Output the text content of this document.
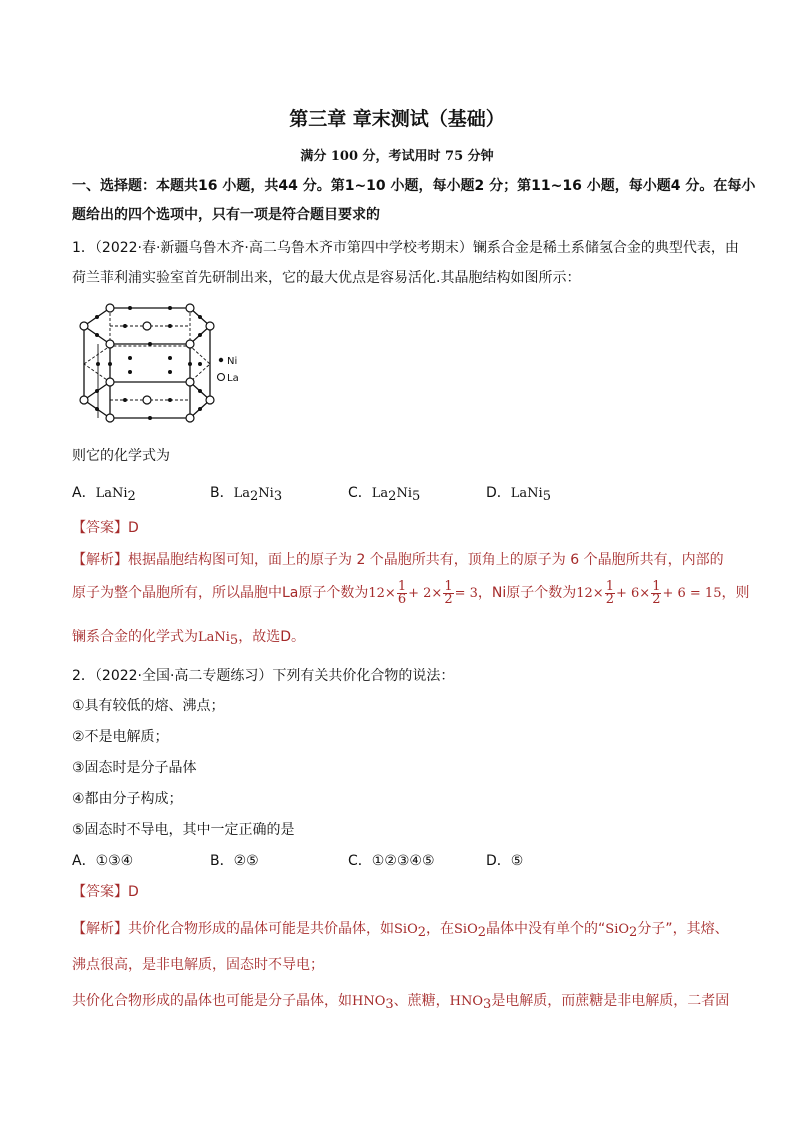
第三章 章末测试（基础）
满分 100 分，考试用时 75 分钟
一、选择题：本题共16 小题，共44 分。第1~10 小题，每小题2 分；第11~16 小题，每小题4 分。在每小
题给出的四个选项中，只有一项是符合题目要求的
1．（2022·春·新疆乌鲁木齐·高二乌鲁木齐市第四中学校考期末）镧系合金是稀土系储氢合金的典型代表，由
荷兰菲利浦实验室首先研制出来，它的最大优点是容易活化.其晶胞结构如图所示：
Ni
La
则它的化学式为
A．LaNi2	B．La2Ni3	C．La2Ni5	D．LaNi5
【答案】D
【解析】根据晶胞结构图可知，面上的原子为 2 个晶胞所共有，顶角上的原子为 6 个晶胞所共有，内部的
原子为整个晶胞所有，所以晶胞中La原子个数为$12\times \frac{1}{6} + 2\times \frac{1}{2} = 3$，Ni原子个数为$12\times \frac{1}{2} + 6\times \frac{1}{2} + 6 = 15$，则
镧系合金的化学式为LaNi5，故选D。
2．（2022·全国·高二专题练习）下列有关共价化合物的说法：
①具有较低的熔、沸点；
②不是电解质；
③固态时是分子晶体
④都由分子构成；
⑤固态时不导电，其中一定正确的是
A．①③④	B．②⑤	C．①②③④⑤	D．⑤
【答案】D
【解析】共价化合物形成的晶体可能是共价晶体，如SiO2，在SiO2晶体中没有单个的“SiO2分子”，其熔、
沸点很高，是非电解质，固态时不导电；
共价化合物形成的晶体也可能是分子晶体，如HNO3、蔗糖，HNO3是电解质，而蔗糖是非电解质，二者固
